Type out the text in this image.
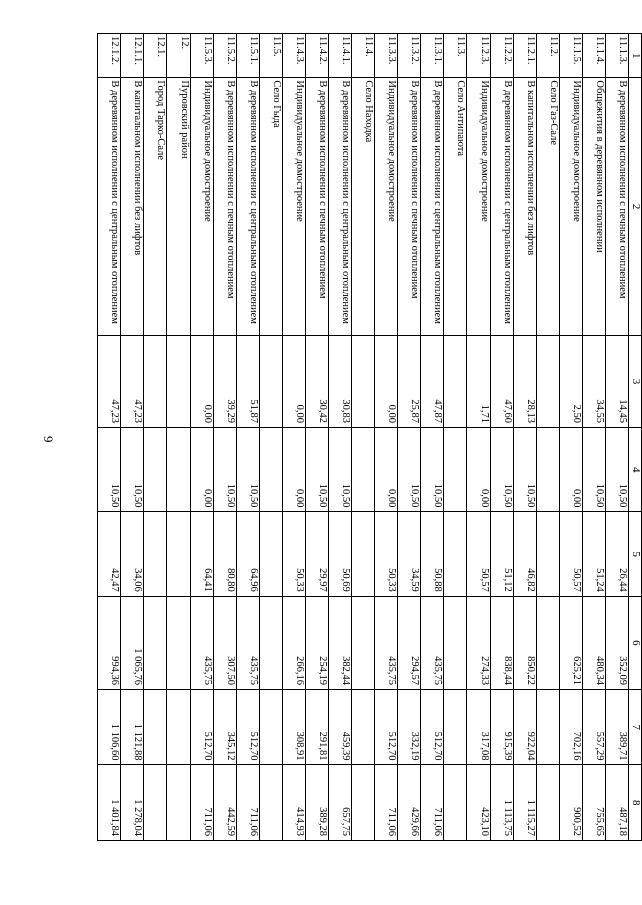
9
1	2	3	4	5	6	7	8
11.1.3.	В деревянном исполнении с печным отоплением	14,45	10,50	26,44	352,09	389,71	487,18
11.1.4.	Общежития в деревянном исполнении	34,55	10,50	51,24	480,34	557,29	755,65
11.1.5.	Индивидуальное домостроение	2,50	0,00	50,57	625,21	702,16	900,52
11.2.	Село Газ-Сале						
11.2.1.	В капитальном исполнении без лифтов	28,13	10,50	46,82	850,22	922,04	1 115,27
11.2.2.	В деревянном исполнении с центральным отоплением	47,60	10,50	51,12	838,44	915,39	1 113,75
11.2.3.	Индивидуальное домостроение	1,71	0,00	50,57	274,33	317,08	423,10
11.3.	Село Антипаюта						
11.3.1.	В деревянном исполнении с центральным отоплением	47,87	10,50	50,88	435,75	512,70	711,06
11.3.2.	В деревянном исполнении с печным отоплением	25,87	10,50	34,59	294,57	332,19	429,66
11.3.3.	Индивидуальное домостроение	0,00	0,00	50,33	435,75	512,70	711,06
11.4.	Село Находка						
11.4.1.	В деревянном исполнении с центральным отоплением	30,83	10,50	50,69	382,44	459,39	657,75
11.4.2.	В деревянном исполнении с печным отоплением	30,42	10,50	29,97	254,19	291,81	389,28
11.4.3.	Индивидуальное домостроение	0,00	0,00	50,33	266,16	308,91	414,93
11.5.	Село Гыда						
11.5.1.	В деревянном исполнении с центральным отоплением	51,87	10,50	64,96	435,75	512,70	711,06
11.5.2.	В деревянном исполнении с печным отоплением	39,29	10,50	80,80	307,50	345,12	442,59
11.5.3.	Индивидуальное домостроение	0,00	0,00	64,41	435,75	512,70	711,06
12.	Пуровский район						
12.1.	Город Тарко-Сале						
12.1.1.	В капитальном исполнении без лифтов	47,23	10,50	34,06	1 065,76	1 121,88	1 278,04
12.1.2.	В деревянном исполнении с центральным отоплением	47,23	10,50	42,47	994,36	1 106,60	1 401,84
